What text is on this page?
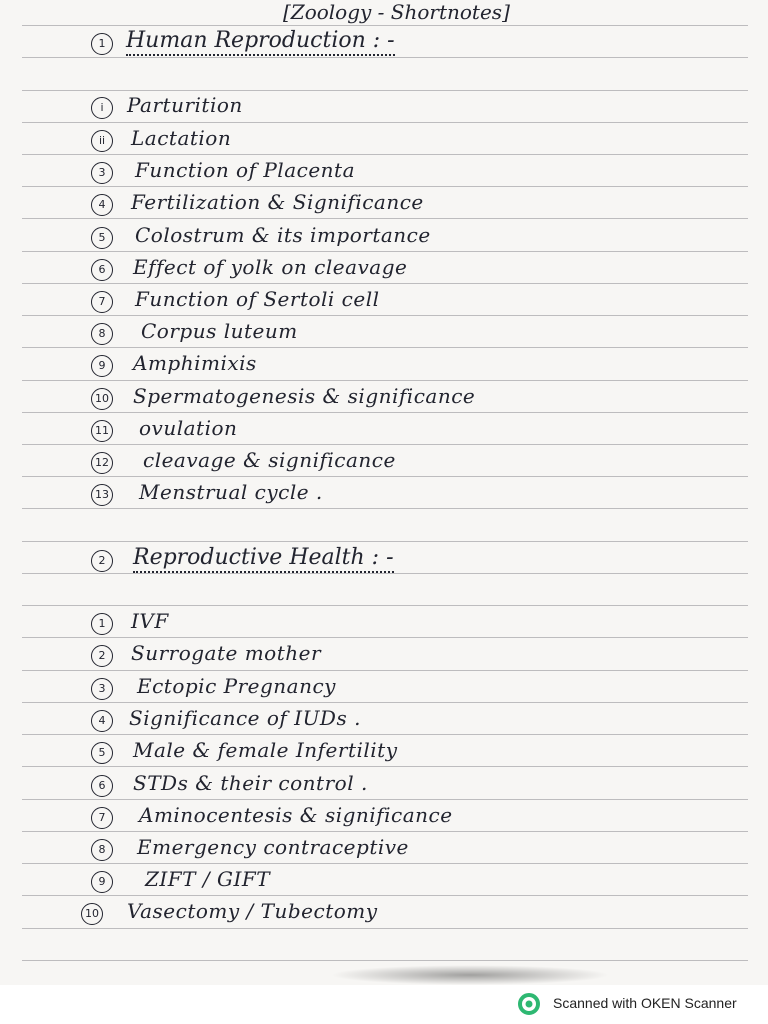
[Zoology - Shortnotes]
1 Human Reproduction : -
i	Parturition
ii	Lactation
3	Function of Placenta
4	Fertilization & Significance
5	Colostrum & its importance
6	Effect of yolk on cleavage
7	Function of Sertoli cell
8	Corpus luteum
9	Amphimixis
10 Spermatogenesis & significance
11 ovulation
12 cleavage & significance
13 Menstrual cycle .
2	Reproductive Health : -
1	IVF
2	Surrogate mother
3	Ectopic Pregnancy
4	Significance of IUDs .
5	Male & female Infertility
6	STDs & their control .
7	Aminocentesis & significance
8	Emergency contraceptive
9	ZIFT / GIFT
10 Vasectomy / Tubectomy
Scanned with OKEN Scanner
